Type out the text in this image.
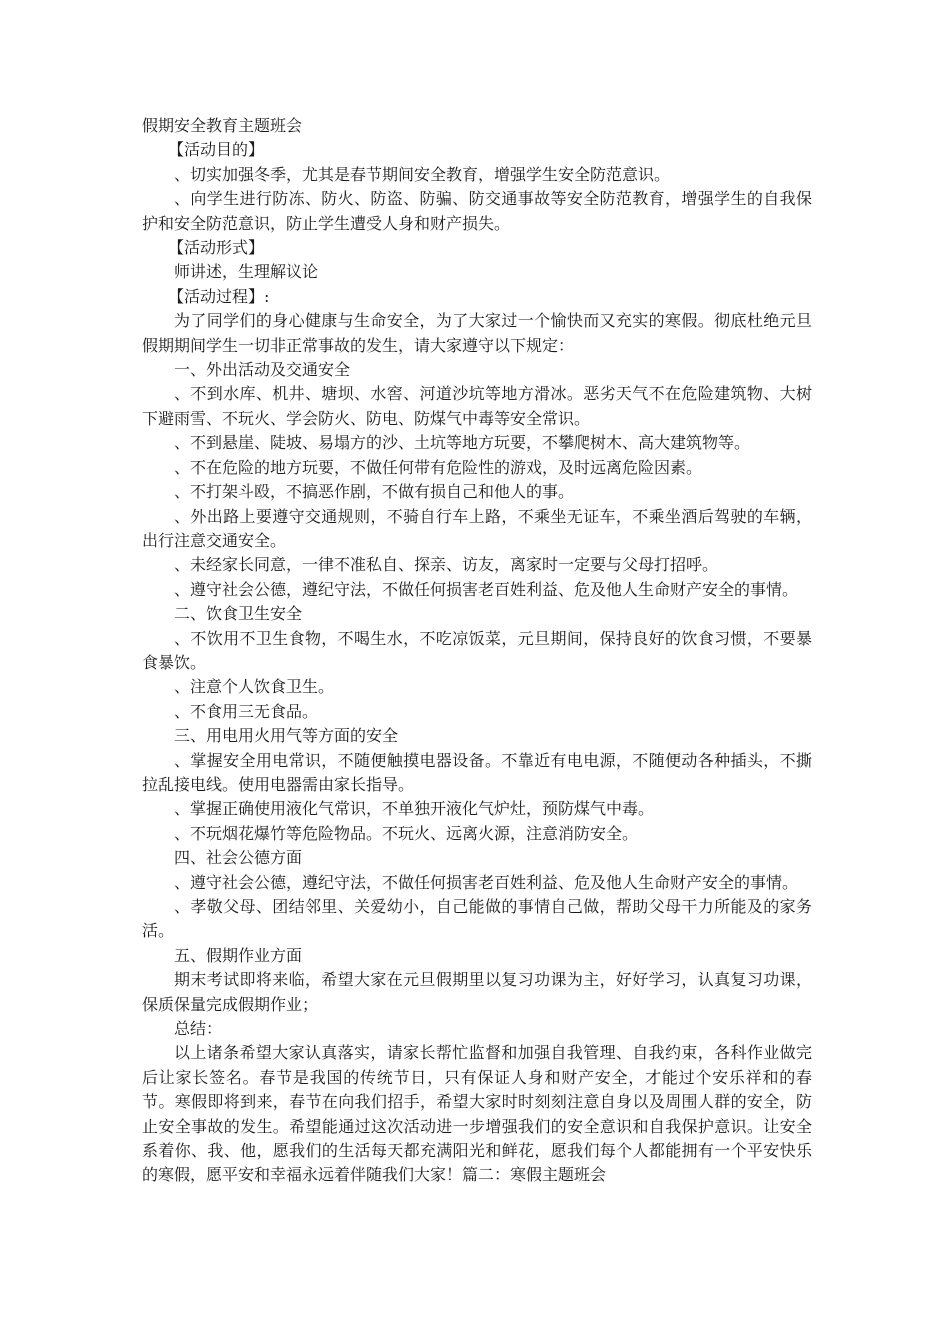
假期安全教育主题班会

【活动目的】

、切实加强冬季，尤其是春节期间安全教育，增强学生安全防范意识。

、向学生进行防冻、防火、防盗、防骗、防交通事故等安全防范教育，增强学生的自我保护和安全防范意识，防止学生遭受人身和财产损失。

【活动形式】

师讲述，生理解议论

【活动过程】:

为了同学们的身心健康与生命安全，为了大家过一个愉快而又充实的寒假。彻底杜绝元旦假期期间学生一切非正常事故的发生，请大家遵守以下规定：

一、外出活动及交通安全

、不到水库、机井、塘坝、水窖、河道沙坑等地方滑冰。恶劣天气不在危险建筑物、大树下避雨雪、不玩火、学会防火、防电、防煤气中毒等安全常识。

、不到悬崖、陡坡、易塌方的沙、土坑等地方玩要，不攀爬树木、高大建筑物等。

、不在危险的地方玩要，不做任何带有危险性的游戏，及时远离危险因素。

、不打架斗殴，不搞恶作剧，不做有损自己和他人的事。

、外出路上要遵守交通规则，不骑自行车上路，不乘坐无证车，不乘坐酒后驾驶的车辆，出行注意交通安全。

、未经家长同意，一律不准私自、探亲、访友，离家时一定要与父母打招呼。

、遵守社会公德，遵纪守法，不做任何损害老百姓利益、危及他人生命财产安全的事情。

二、饮食卫生安全

、不饮用不卫生食物，不喝生水，不吃凉饭菜，元旦期间，保持良好的饮食习惯，不要暴食暴饮。

、注意个人饮食卫生。

、不食用三无食品。

三、用电用火用气等方面的安全

、掌握安全用电常识，不随便触摸电器设备。不靠近有电电源，不随便动各种插头，不撕拉乱接电线。使用电器需由家长指导。

、掌握正确使用液化气常识，不单独开液化气炉灶，预防煤气中毒。

、不玩烟花爆竹等危险物品。不玩火、远离火源，注意消防安全。

四、社会公德方面

、遵守社会公德，遵纪守法，不做任何损害老百姓利益、危及他人生命财产安全的事情。

、孝敬父母、团结邻里、关爱幼小，自己能做的事情自己做，帮助父母干力所能及的家务活。

五、假期作业方面

期末考试即将来临，希望大家在元旦假期里以复习功课为主，好好学习，认真复习功课，保质保量完成假期作业；

总结：

以上诸条希望大家认真落实，请家长帮忙监督和加强自我管理、自我约束，各科作业做完后让家长签名。春节是我国的传统节日，只有保证人身和财产安全，才能过个安乐祥和的春节。寒假即将到来，春节在向我们招手，希望大家时时刻刻注意自身以及周围人群的安全，防止安全事故的发生。希望能通过这次活动进一步增强我们的安全意识和自我保护意识。让安全系着你、我、他，愿我们的生活每天都充满阳光和鲜花，愿我们每个人都能拥有一个平安快乐的寒假，愿平安和幸福永远着伴随我们大家！篇二：寒假主题班会
